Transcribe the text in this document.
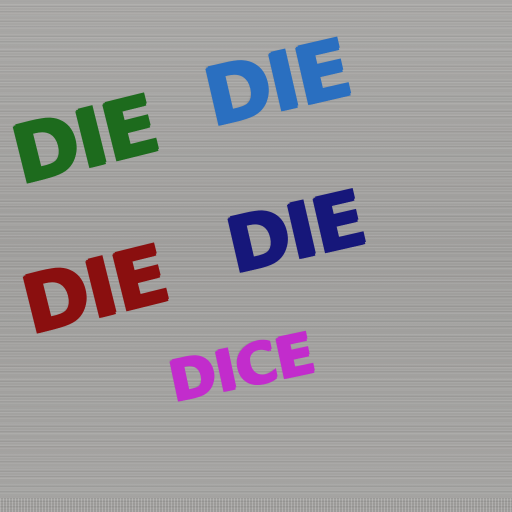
DIE DIE

DIE DIE

DICE
